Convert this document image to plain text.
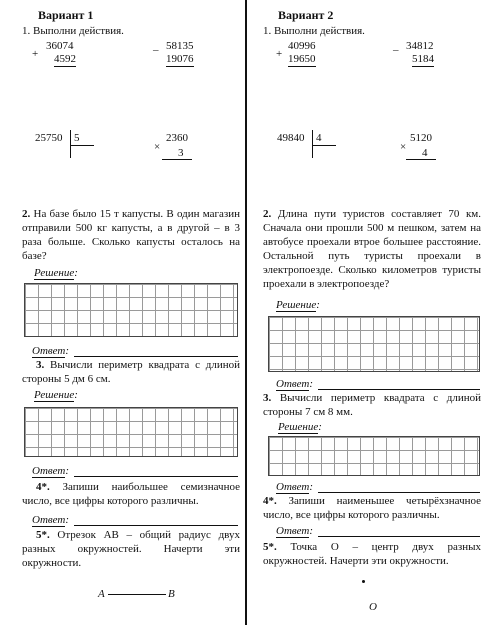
Вариант 1
1. Выполни действия.
+
36074
4592
– 58135
19076
25750 5
×
2360
3
2. На базе было 15 т капусты. В один магазин отправили 500 кг капусты, а в другой – в 3 раза больше. Сколько капусты осталось на базе?
Решение:
Ответ:
3. Вычисли периметр квадрата с длиной стороны 5 дм 6 см.
Решение:
Ответ:
4*. Запиши наибольшее семизначное число, все цифры которого различны.
Ответ:
5*. Отрезок AB – общий радиус двух разных окружностей. Начерти эти окружности.
A	B
Вариант 2
1. Выполни действия.
+
40996
19650
– 34812
5184
49840 4
×
5120
4
2. Длина пути туристов составляет 70 км. Сначала они прошли 500 м пешком, затем на автобусе проехали втрое большее расстояние. Остальной путь туристы проехали в электропоезде. Сколько километров туристы проехали в электропоезде?
Решение:
Ответ:
3. Вычисли периметр квадрата с длиной стороны 7 см 8 мм.
Решение:
Ответ:
4*. Запиши наименьшее четырёхзначное число, все цифры которого различны.
Ответ:
5*. Точка O – центр двух разных окружностей. Начерти эти окружности.
O
